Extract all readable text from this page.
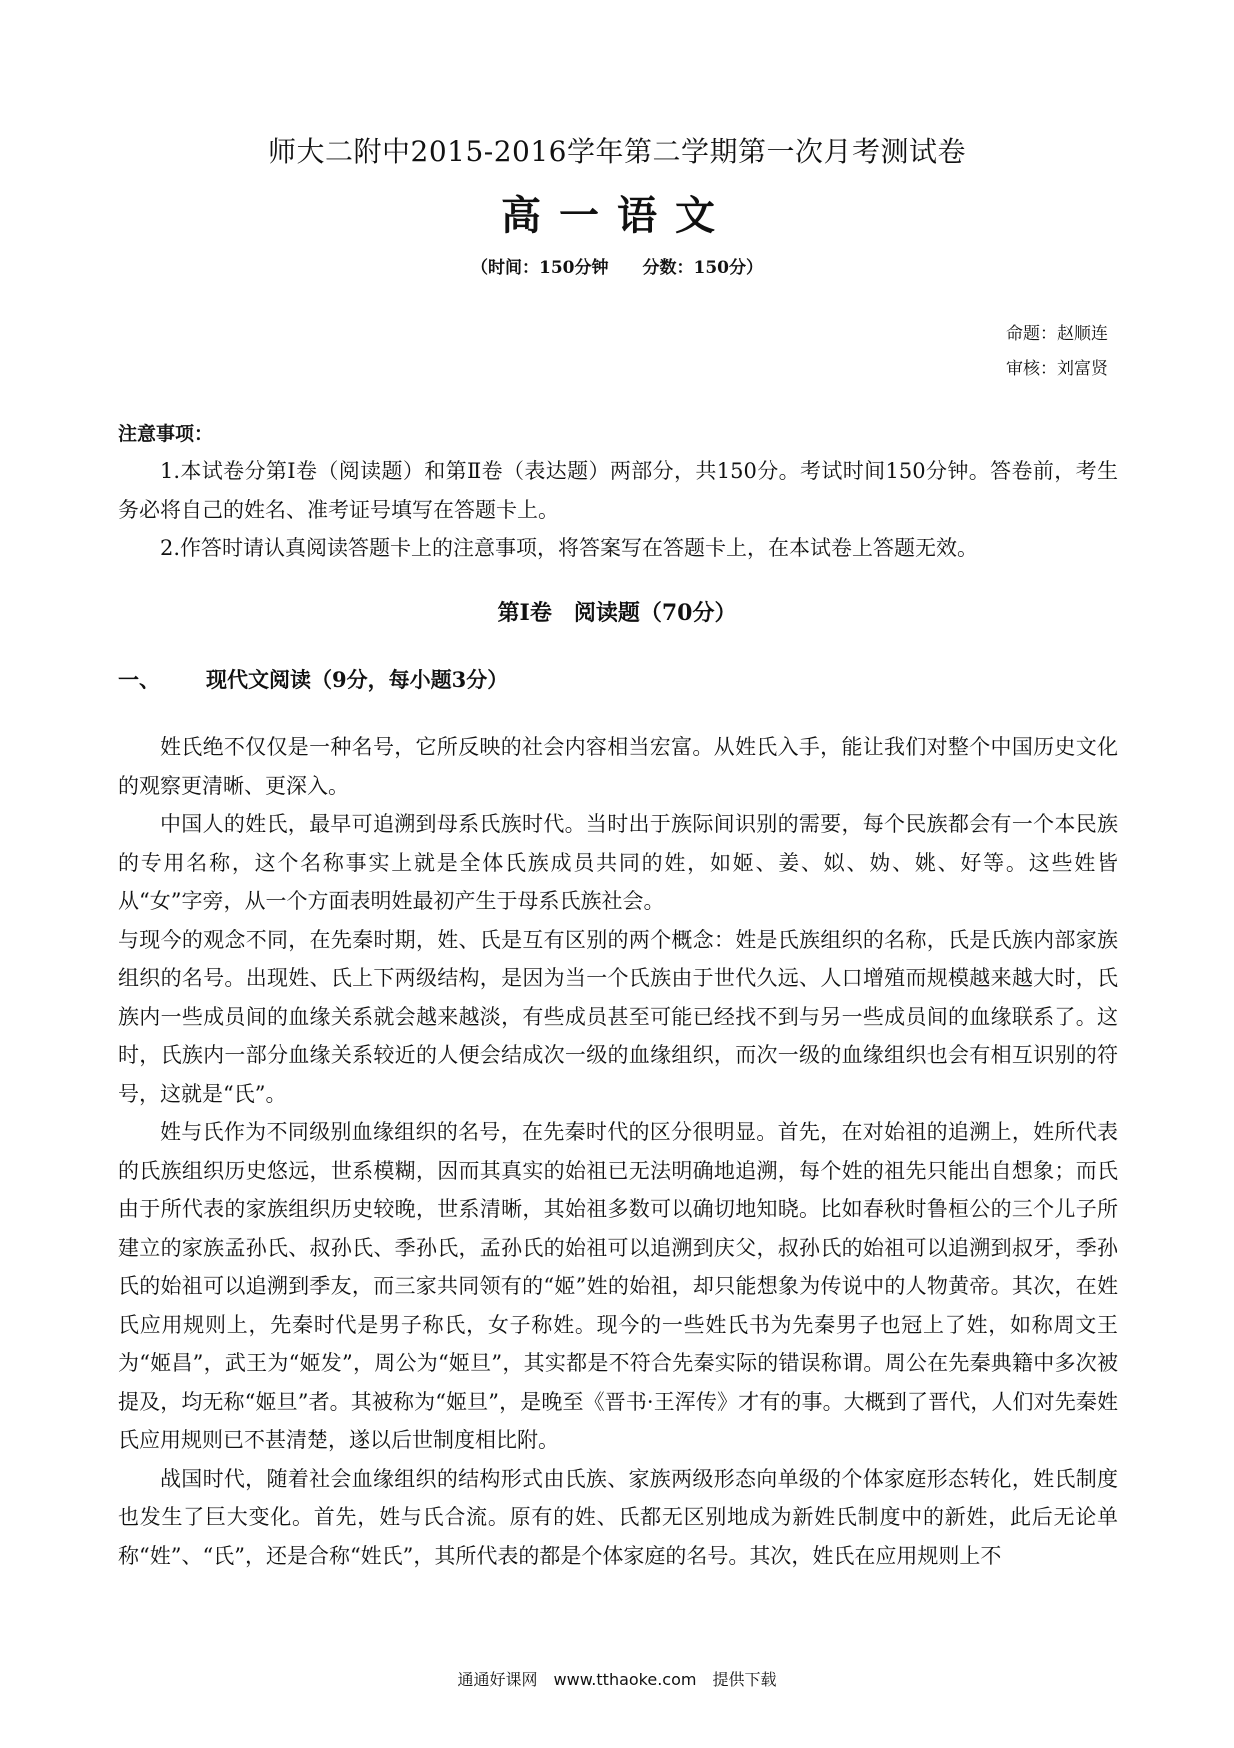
师大二附中2015-2016学年第二学期第一次月考测试卷
高一语文
（时间：150分钟　　分数：150分）
命题：赵顺连
审核：刘富贤
注意事项：

1.本试卷分第Ⅰ卷（阅读题）和第Ⅱ卷（表达题）两部分，共150分。考试时间150分钟。答卷前，考生务必将自己的姓名、准考证号填写在答题卡上。

2.作答时请认真阅读答题卡上的注意事项，将答案写在答题卡上，在本试卷上答题无效。

第Ⅰ卷　阅读题（70分）
一、 现代文阅读（9分，每小题3分）

姓氏绝不仅仅是一种名号，它所反映的社会内容相当宏富。从姓氏入手，能让我们对整个中国历史文化的观察更清晰、更深入。

中国人的姓氏，最早可追溯到母系氏族时代。当时出于族际间识别的需要，每个民族都会有一个本民族的专用名称，这个名称事实上就是全体氏族成员共同的姓，如姬、姜、姒、妫、姚、好等。这些姓皆从“女”字旁，从一个方面表明姓最初产生于母系氏族社会。

与现今的观念不同，在先秦时期，姓、氏是互有区别的两个概念：姓是氏族组织的名称，氏是氏族内部家族组织的名号。出现姓、氏上下两级结构，是因为当一个氏族由于世代久远、人口增殖而规模越来越大时，氏族内一些成员间的血缘关系就会越来越淡，有些成员甚至可能已经找不到与另一些成员间的血缘联系了。这时，氏族内一部分血缘关系较近的人便会结成次一级的血缘组织，而次一级的血缘组织也会有相互识别的符号，这就是“氏”。

姓与氏作为不同级别血缘组织的名号，在先秦时代的区分很明显。首先，在对始祖的追溯上，姓所代表的氏族组织历史悠远，世系模糊，因而其真实的始祖已无法明确地追溯，每个姓的祖先只能出自想象；而氏由于所代表的家族组织历史较晚，世系清晰，其始祖多数可以确切地知晓。比如春秋时鲁桓公的三个儿子所建立的家族孟孙氏、叔孙氏、季孙氏，孟孙氏的始祖可以追溯到庆父，叔孙氏的始祖可以追溯到叔牙，季孙氏的始祖可以追溯到季友，而三家共同领有的“姬”姓的始祖，却只能想象为传说中的人物黄帝。其次，在姓氏应用规则上，先秦时代是男子称氏，女子称姓。现今的一些姓氏书为先秦男子也冠上了姓，如称周文王为“姬昌”，武王为“姬发”，周公为“姬旦”，其实都是不符合先秦实际的错误称谓。周公在先秦典籍中多次被提及，均无称“姬旦”者。其被称为“姬旦”，是晚至《晋书·王浑传》才有的事。大概到了晋代，人们对先秦姓氏应用规则已不甚清楚，遂以后世制度相比附。

战国时代，随着社会血缘组织的结构形式由氏族、家族两级形态向单级的个体家庭形态转化，姓氏制度也发生了巨大变化。首先，姓与氏合流。原有的姓、氏都无区别地成为新姓氏制度中的新姓，此后无论单称“姓”、“氏”，还是合称“姓氏”，其所代表的都是个体家庭的名号。其次，姓氏在应用规则上不

通通好课网　www.tthaoke.com　提供下载
